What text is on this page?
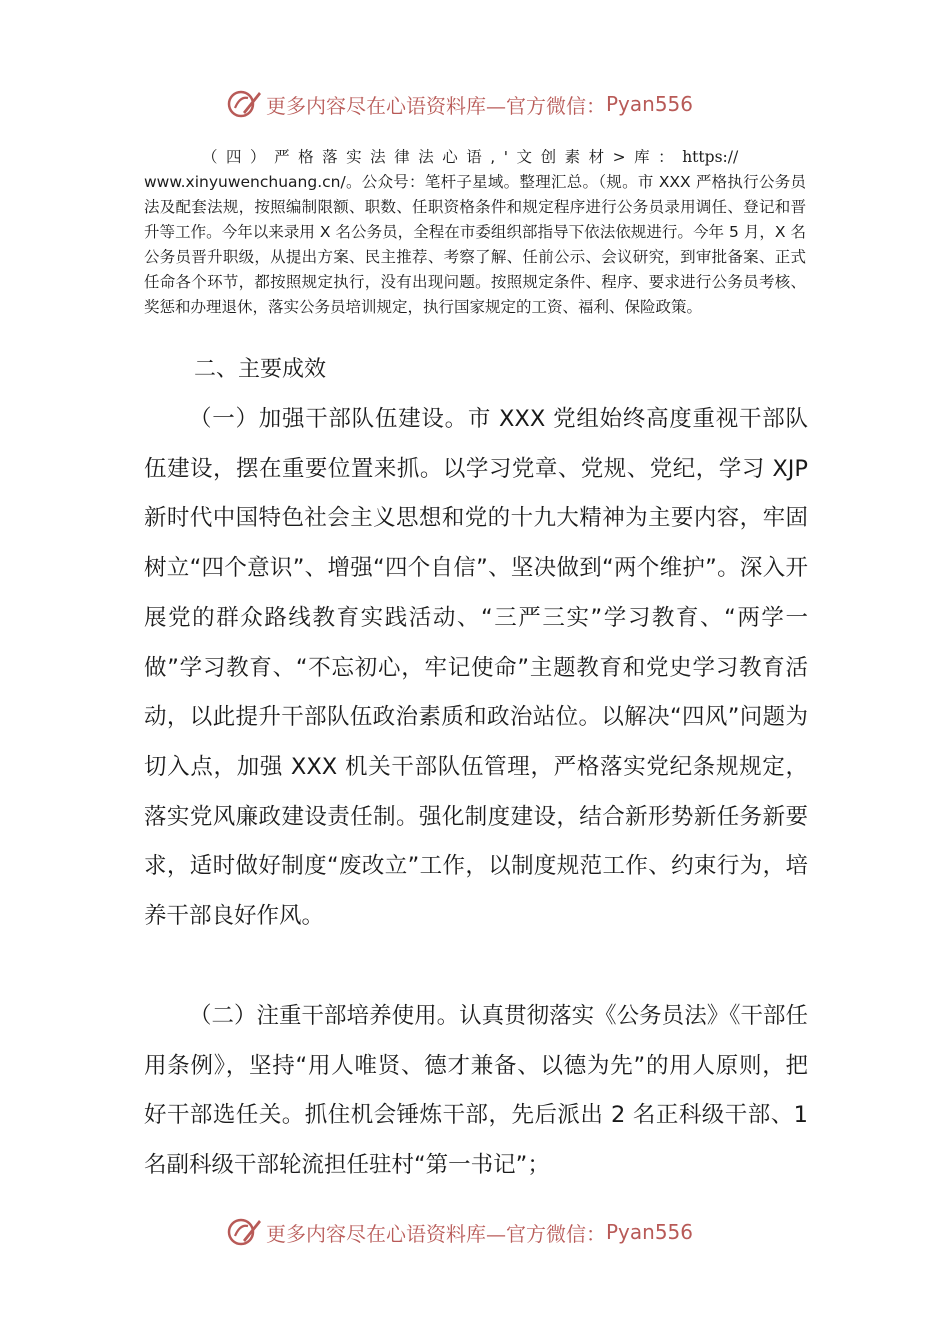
更多内容尽在心语资料库—官方微信： Pyan556

（四）严格落实法律法心语,'文创素材>库：https://

www.xinyuwenchuang.cn/。公众号：笔杆子星域。整理汇总。（规。市 XXX 严格执行公务员法及配套法规，按照编制限额、职数、任职资格条件和规定程序进行公务员录用调任、登记和晋升等工作。今年以来录用 X 名公务员，全程在市委组织部指导下依法依规进行。今年 5 月，X 名公务员晋升职级，从提出方案、民主推荐、考察了解、任前公示、会议研究，到审批备案、正式任命各个环节，都按照规定执行，没有出现问题。按照规定条件、程序、要求进行公务员考核、奖惩和办理退休，落实公务员培训规定，执行国家规定的工资、福利、保险政策。

二、主要成效

（一）加强干部队伍建设。市 XXX 党组始终高度重视干部队伍建设，摆在重要位置来抓。以学习党章、党规、党纪，学习 XJP 新时代中国特色社会主义思想和党的十九大精神为主要内容，牢固树立“四个意识”、增强“四个自信”、坚决做到“两个维护”。深入开展党的群众路线教育实践活动、“三严三实”学习教育、“两学一做”学习教育、“不忘初心，牢记使命”主题教育和党史学习教育活动，以此提升干部队伍政治素质和政治站位。以解决“四风”问题为切入点，加强 XXX 机关干部队伍管理，严格落实党纪条规规定，落实党风廉政建设责任制。强化制度建设，结合新形势新任务新要求，适时做好制度“废改立”工作，以制度规范工作、约束行为，培养干部良好作风。

（二）注重干部培养使用。认真贯彻落实《公务员法》《干部任用条例》，坚持“用人唯贤、德才兼备、以德为先”的用人原则，把好干部选任关。抓住机会锤炼干部，先后派出 2 名正科级干部、1 名副科级干部轮流担任驻村“第一书记”；

更多内容尽在心语资料库—官方微信： Pyan556
